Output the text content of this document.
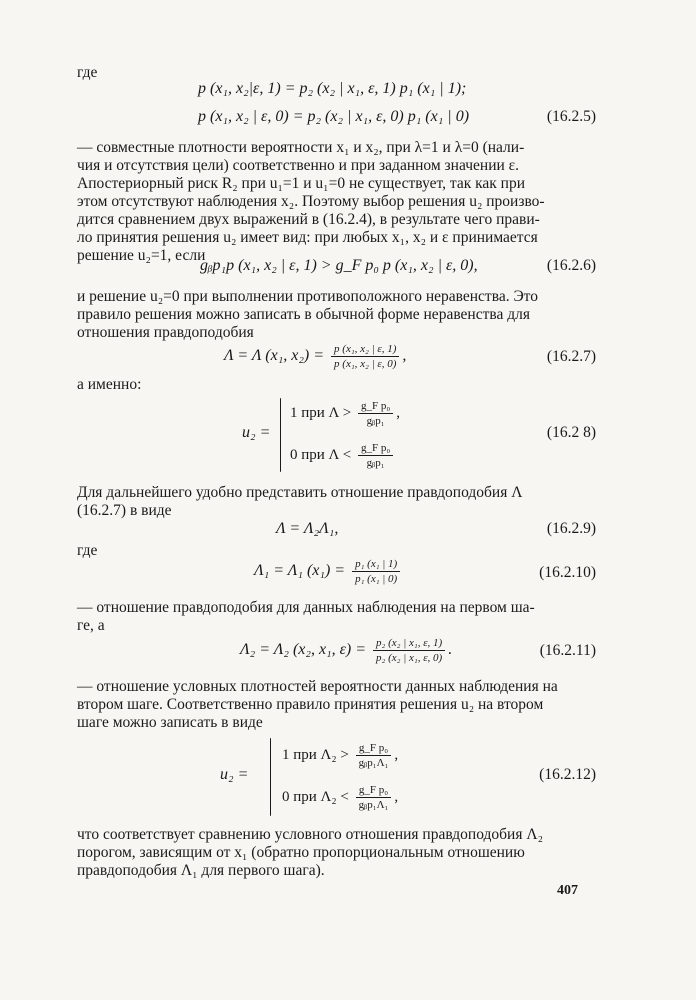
где
p (x₁, x₂|ε, 1) = p₂ (x₂ | x₁, ε, 1) p₁ (x₁ | 1);
p (x₁, x₂ | ε, 0) = p₂ (x₂ | x₁, ε, 0) p₁ (x₁ | 0)	(16.2.5)
— совместные плотности вероятности x₁ и x₂, при λ=1 и λ=0 (нали-
чия и отсутствия цели) соответственно и при заданном значении ε.
Апостериорный риск R₂ при u₁=1 и u₁=0 не существует, так как при
этом отсутствуют наблюдения x₂. Поэтому выбор решения u₂ произво-
дится сравнением двух выражений в (16.2.4), в результате чего прави-
ло принятия решения u₂ имеет вид: при любых x₁, x₂ и ε принимается
решение u₂=1, если
gᵦp₁p (x₁, x₂ | ε, 1) > g_F p₀ p (x₁, x₂ | ε, 0),	(16.2.6)
и решение u₂=0 при выполнении противоположного неравенства. Это
правило решения можно записать в обычной форме неравенства для
отношения правдоподобия
Λ = Λ (x₁, $x_2) = \frac{\text{p (x₁, x₂ | ε, 1)}}{\text{p (x₁, x₂ | ε, 0)}}$ ,	(16.2.7)
а именно:
u₂ =
1 при $\Lambda > \frac{\text{g\_F p₀}}{\text{gᵦp₁}}$ ,
0 при $\Lambda < \frac{\text{g\_F p₀}}{\text{gᵦp₁}}$
(16.2 8)
Для дальнейшего удобно представить отношение правдоподобия Λ
(16.2.7) в виде
Λ = Λ₂Λ₁,	(16.2.9)
где
Λ₁ = Λ₁ $(x_1) = \frac{\text{p₁ (x₁ | 1)}}{\text{p₁ (x₁ | 0)}}$	(16.2.10)
— отношение правдоподобия для данных наблюдения на первом ша-
ге, а
Λ₂ = Λ₂ (x₂, x₁, $\varepsilon) = \frac{\text{p₂ (x₂ | x₁, ε, 1)}}{\text{p₂ (x₂ | x₁, ε, 0)}}$ .	(16.2.11)
— отношение условных плотностей вероятности данных наблюдения на
втором шаге. Соответственно правило принятия решения u₂ на втором
шаге можно записать в виде
u₂ =
1 при $\Lambda_2 > \frac{\text{g\_F p₀}}{\text{gᵦp₁Λ₁}}$ ,
0 при $\Lambda_2 < \frac{\text{g\_F p₀}}{\text{gᵦp₁Λ₁}}$ ,
(16.2.12)
что соответствует сравнению условного отношения правдоподобия Λ₂
порогом, зависящим от x₁ (обратно пропорциональным отношению
правдоподобия Λ₁ для первого шага).
407
